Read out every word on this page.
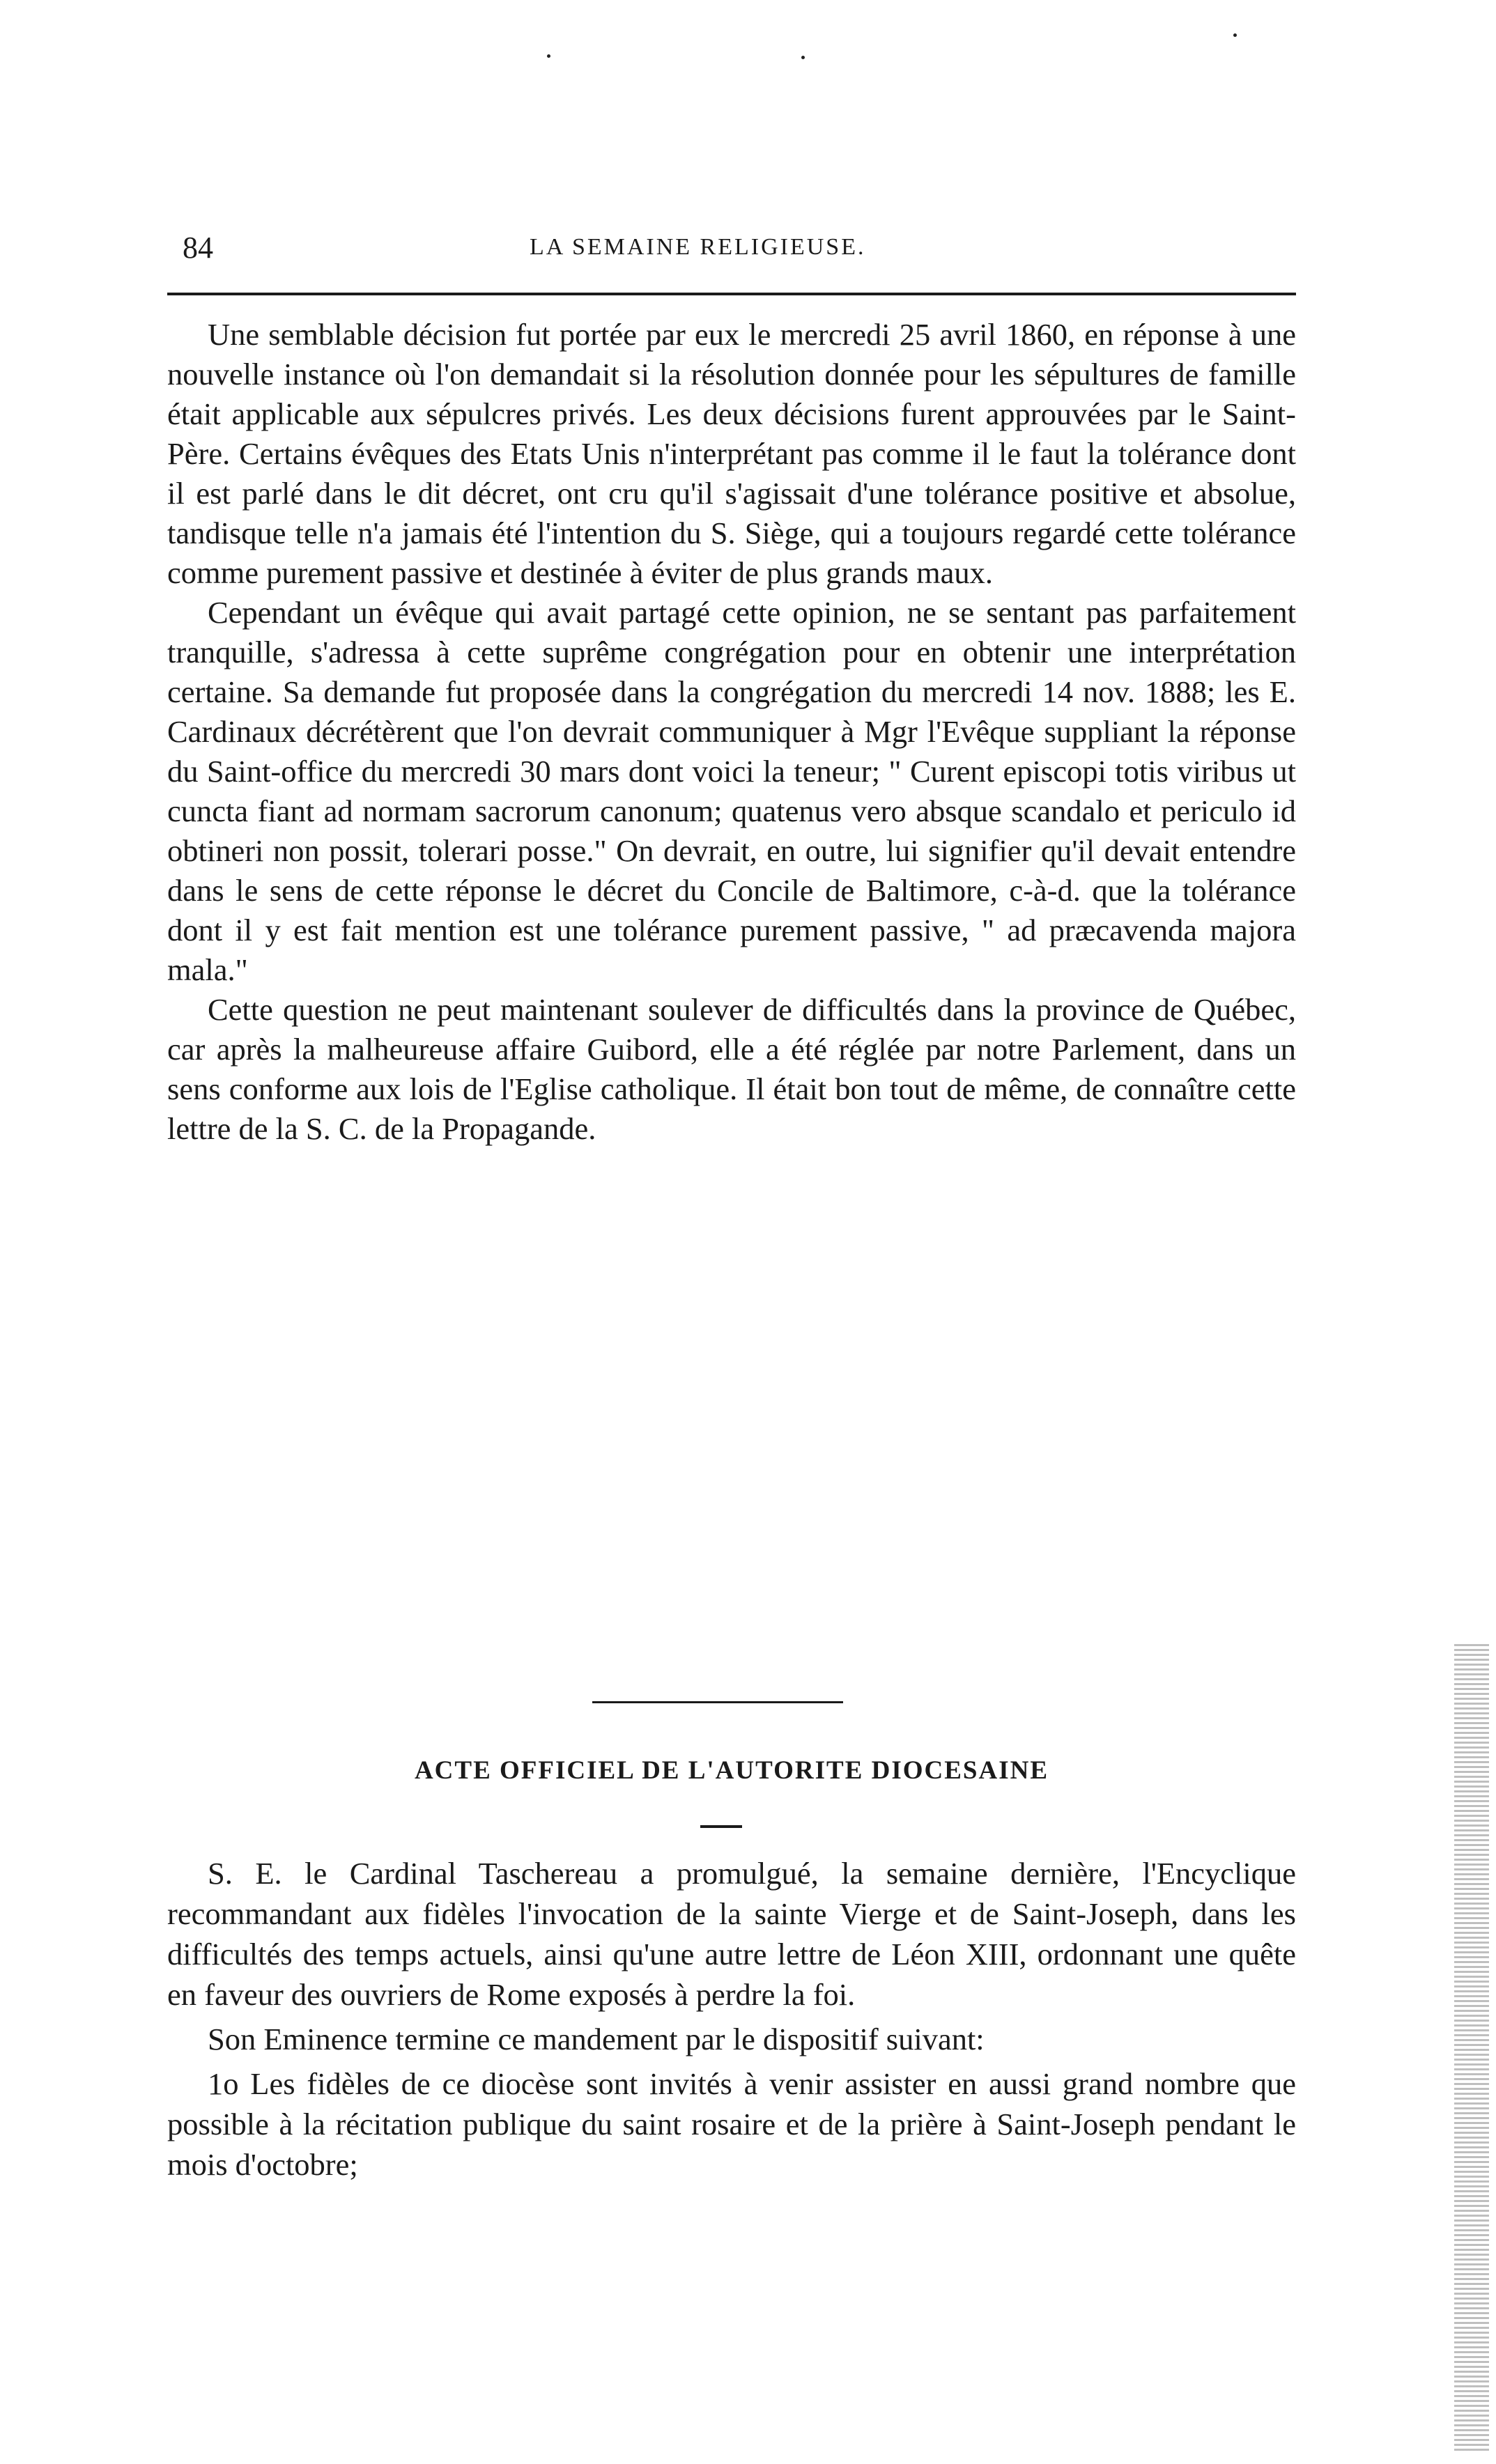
84	LA SEMAINE RELIGIEUSE.

Une semblable décision fut portée par eux le mercredi 25 avril 1860, en réponse à une nouvelle instance où l'on demandait si la résolution donnée pour les sépultures de famille était applicable aux sépulcres privés. Les deux décisions furent approuvées par le Saint-Père. Certains évêques des Etats Unis n'interprétant pas comme il le faut la tolérance dont il est parlé dans le dit décret, ont cru qu'il s'agissait d'une tolérance positive et absolue, tandisque telle n'a jamais été l'intention du S. Siège, qui a toujours regardé cette tolérance comme purement passive et destinée à éviter de plus grands maux.

Cependant un évêque qui avait partagé cette opinion, ne se sentant pas parfaitement tranquille, s'adressa à cette suprême congrégation pour en obtenir une interprétation certaine. Sa demande fut proposée dans la congrégation du mercredi 14 nov. 1888; les E. Cardinaux décrétèrent que l'on devrait communiquer à Mgr l'Evêque suppliant la réponse du Saint-office du mercredi 30 mars dont voici la teneur; " Curent episcopi totis viribus ut cuncta fiant ad normam sacrorum canonum; quatenus vero absque scandalo et periculo id obtineri non possit, tolerari posse." On devrait, en outre, lui signifier qu'il devait entendre dans le sens de cette réponse le décret du Concile de Baltimore, c-à-d. que la tolérance dont il y est fait mention est une tolérance purement passive, " ad præcavenda majora mala."

Cette question ne peut maintenant soulever de difficultés dans la province de Québec, car après la malheureuse affaire Guibord, elle a été réglée par notre Parlement, dans un sens conforme aux lois de l'Eglise catholique. Il était bon tout de même, de connaître cette lettre de la S. C. de la Propagande.

ACTE OFFICIEL DE L'AUTORITE DIOCESAINE

S. E. le Cardinal Taschereau a promulgué, la semaine dernière, l'Encyclique recommandant aux fidèles l'invocation de la sainte Vierge et de Saint-Joseph, dans les difficultés des temps actuels, ainsi qu'une autre lettre de Léon XIII, ordonnant une quête en faveur des ouvriers de Rome exposés à perdre la foi.

Son Eminence termine ce mandement par le dispositif suivant:

1o Les fidèles de ce diocèse sont invités à venir assister en aussi grand nombre que possible à la récitation publique du saint rosaire et de la prière à Saint-Joseph pendant le mois d'octobre;
